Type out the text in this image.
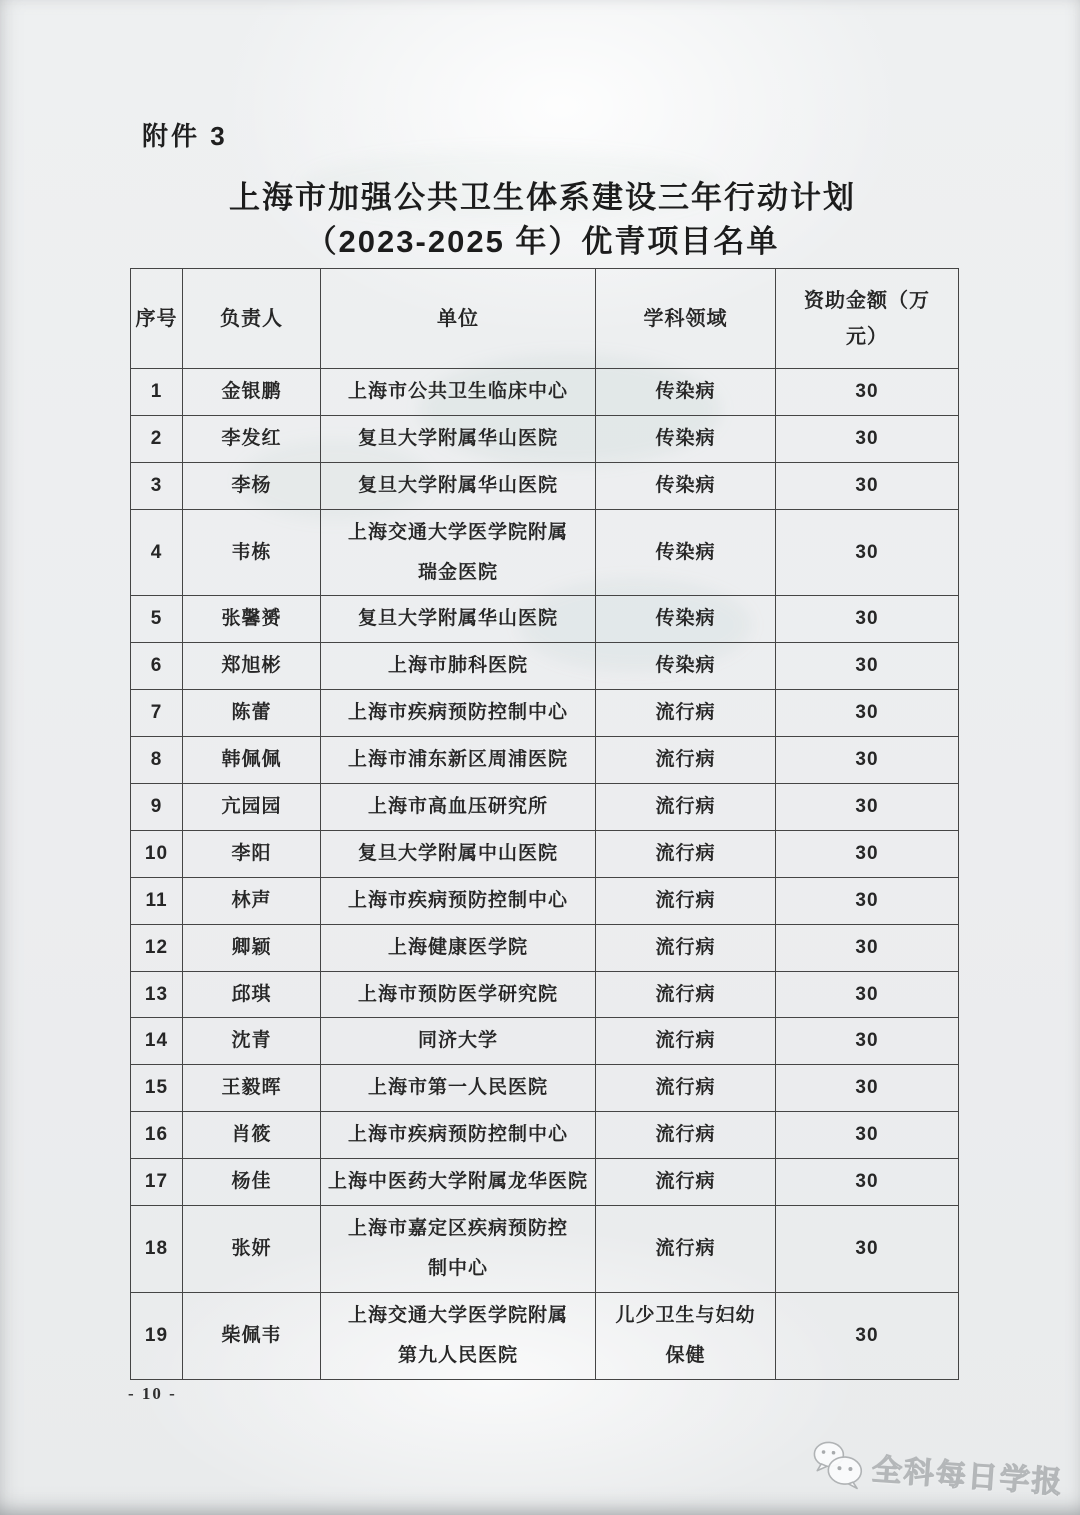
附件 3
上海市加强公共卫生体系建设三年行动计划
（2023-2025 年）优青项目名单
序号	负责人	单位	学科领域	资助金额（万
元）
1	金银鹏	上海市公共卫生临床中心	传染病	30
2	李发红	复旦大学附属华山医院	传染病	30
3	李杨	复旦大学附属华山医院	传染病	30
4	韦栋	上海交通大学医学院附属
瑞金医院	传染病	30
5	张馨赟	复旦大学附属华山医院	传染病	30
6	郑旭彬	上海市肺科医院	传染病	30
7	陈蕾	上海市疾病预防控制中心	流行病	30
8	韩佩佩	上海市浦东新区周浦医院	流行病	30
9	亢园园	上海市高血压研究所	流行病	30
10	李阳	复旦大学附属中山医院	流行病	30
11	林声	上海市疾病预防控制中心	流行病	30
12	卿颖	上海健康医学院	流行病	30
13	邱琪	上海市预防医学研究院	流行病	30
14	沈青	同济大学	流行病	30
15	王毅晖	上海市第一人民医院	流行病	30
16	肖筱	上海市疾病预防控制中心	流行病	30
17	杨佳	上海中医药大学附属龙华医院	流行病	30
18	张妍	上海市嘉定区疾病预防控
制中心	流行病	30
19	柴佩韦	上海交通大学医学院附属
第九人民医院	儿少卫生与妇幼
保健	30
- 10 -
全科每日学报
